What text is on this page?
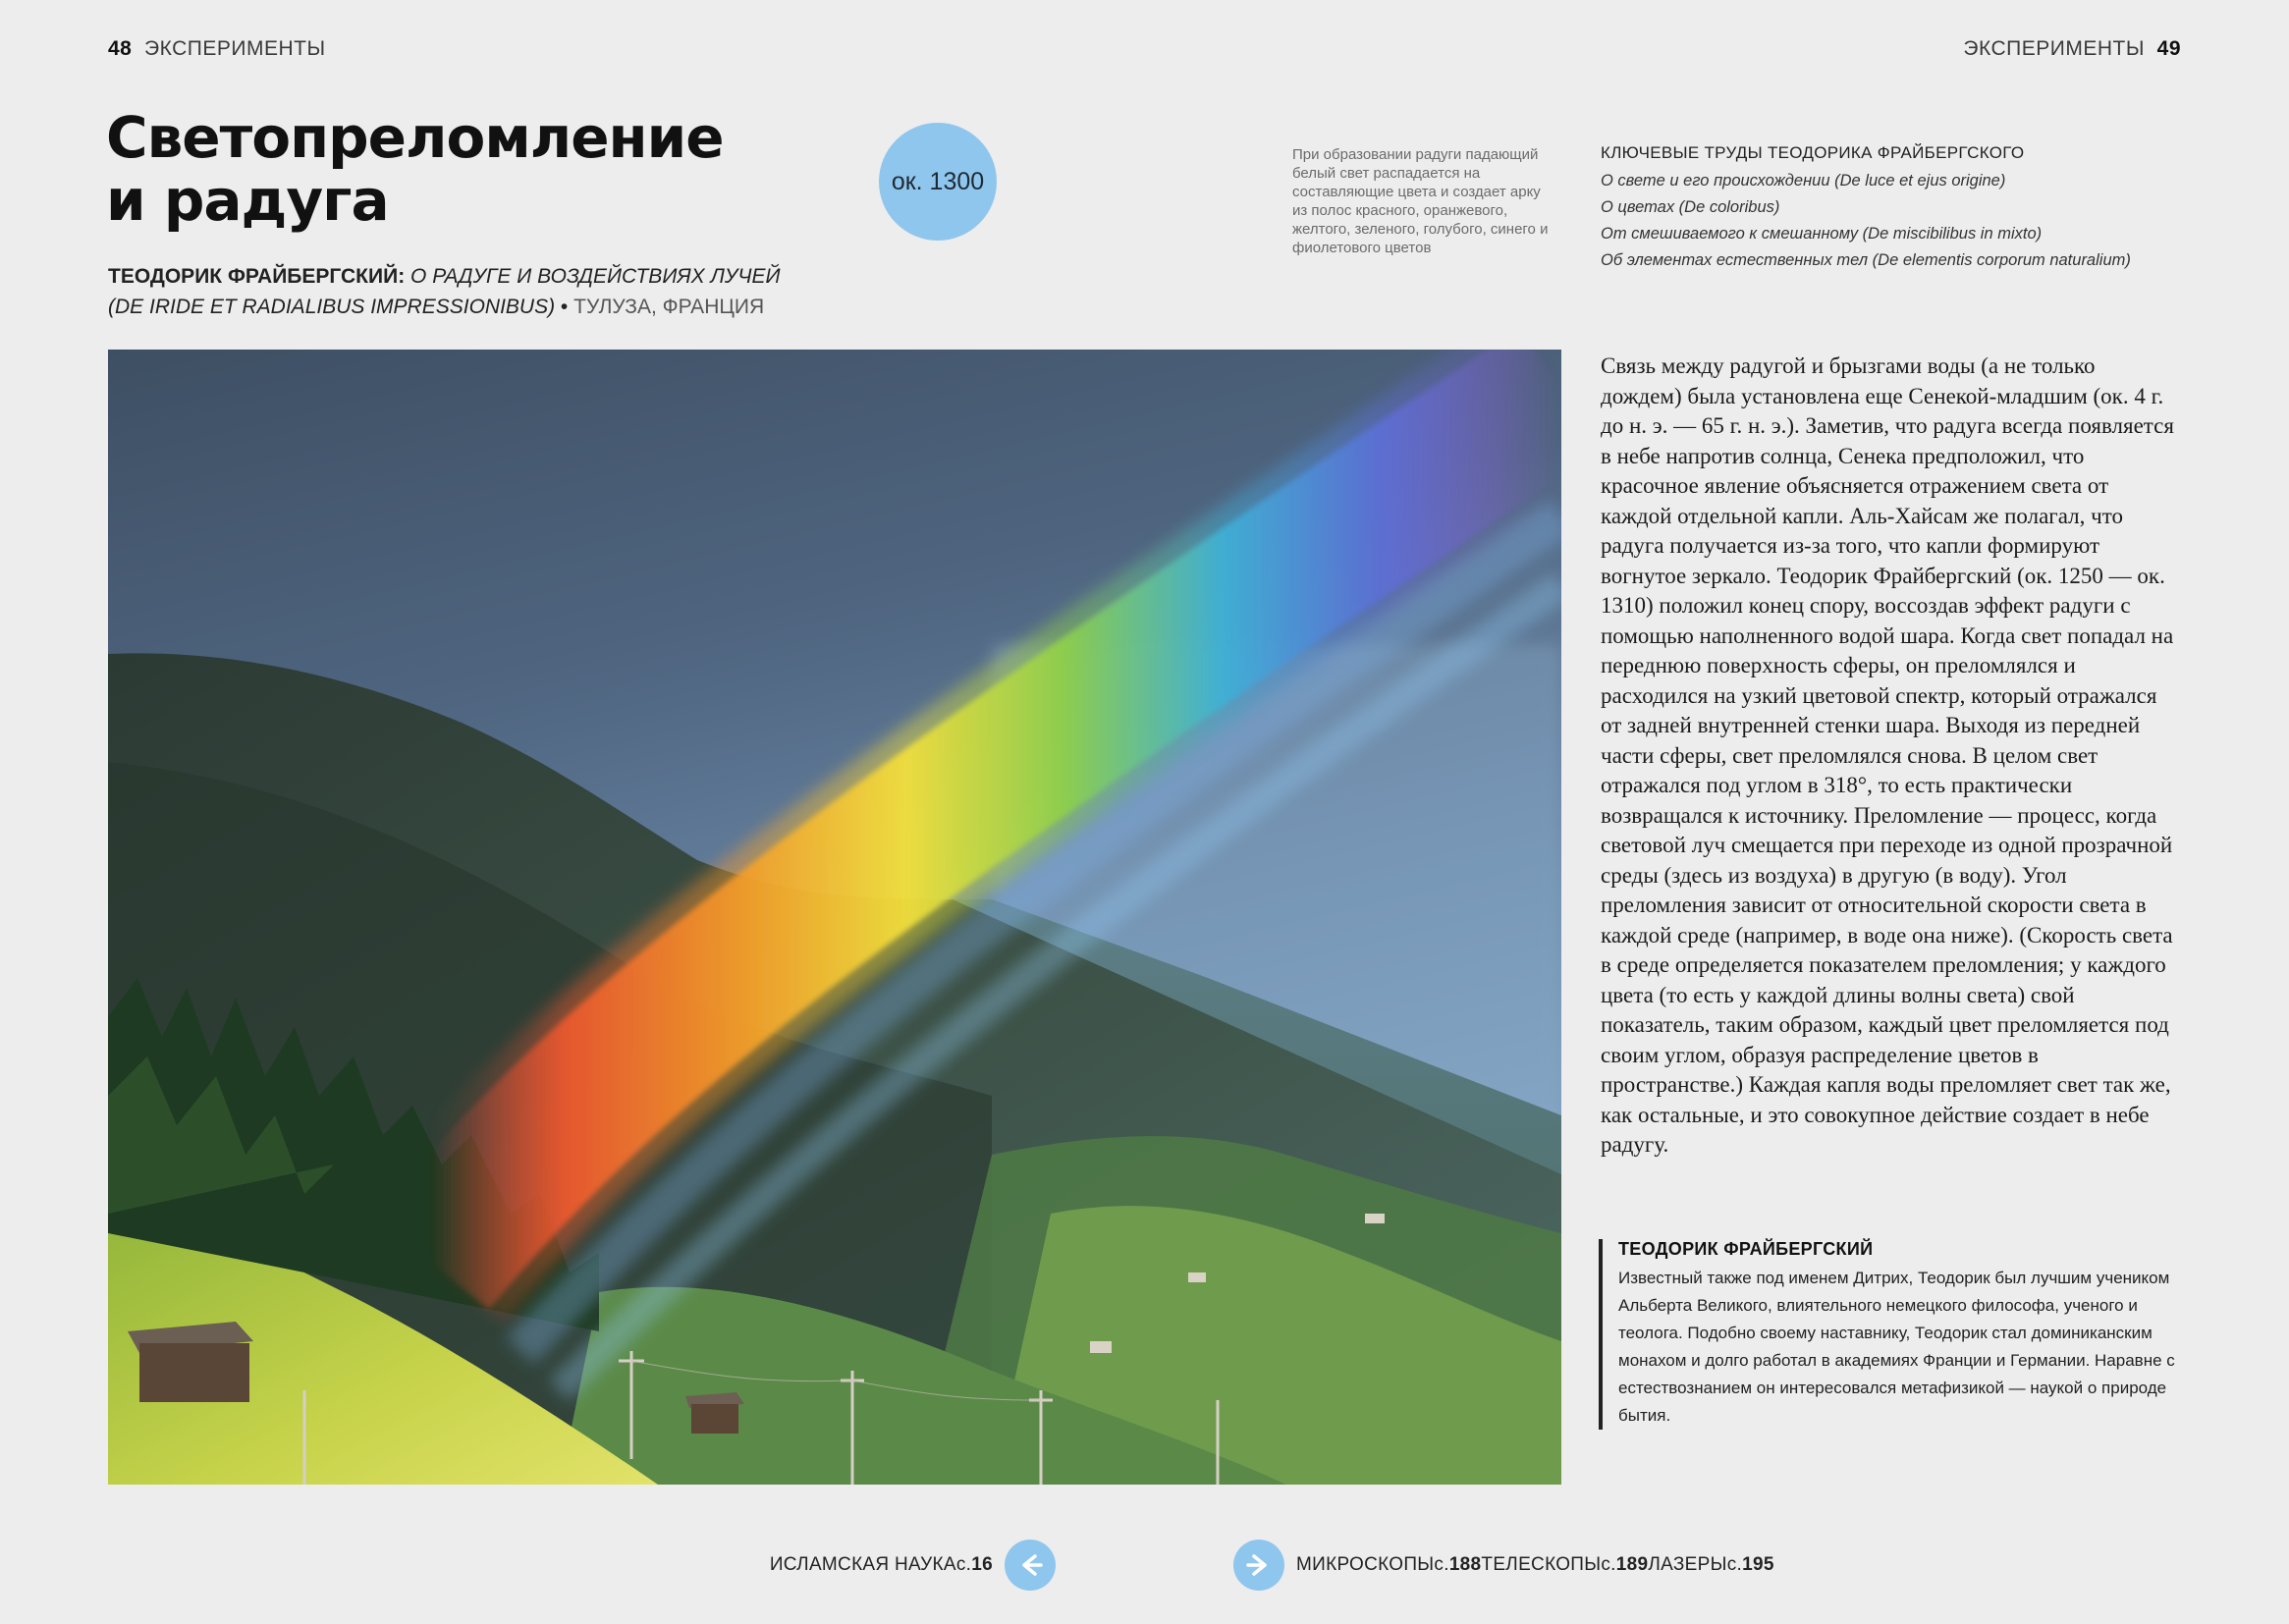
48 ЭКСПЕРИМЕНТЫ	ЭКСПЕРИМЕНТЫ 49
Светопреломление
и радуга
ТЕОДОРИК ФРАЙБЕРГСКИЙ: О РАДУГЕ И ВОЗДЕЙСТВИЯХ ЛУЧЕЙ
(DE IRIDE ET RADIALIBUS IMPRESSIONIBUS) • ТУЛУЗА, ФРАНЦИЯ
ок. 1300
При образовании радуги падающий белый свет распадается на составляющие цвета и создает арку из полос красного, оранжевого, желтого, зеленого, голубого, синего и фиолетового цветов
КЛЮЧЕВЫЕ ТРУДЫ ТЕОДОРИКА ФРАЙБЕРГСКОГО
О свете и его происхождении (De luce et ejus origine)
О цветах (De coloribus)
От смешиваемого к смешанному (De miscibilibus in mixto)
Об элементах естественных тел (De elementis corporum naturalium)
Связь между радугой и брызгами воды (а не только дождем) была установлена еще Сенекой-младшим (ок. 4 г. до н. э. — 65 г. н. э.). Заметив, что радуга всегда появляется в небе напротив солнца, Сенека предположил, что красочное явление объясняется отражением света от каждой отдельной капли. Аль-Хайсам же полагал, что радуга получается из-за того, что капли формируют вогнутое зеркало. Теодорик Фрайбергский (ок. 1250 — ок. 1310) положил конец спору, воссоздав эффект радуги с помощью наполненного водой шара. Когда свет попадал на переднюю поверхность сферы, он преломлялся и расходился на узкий цветовой спектр, который отражался от задней внутренней стенки шара. Выходя из передней части сферы, свет преломлялся снова. В целом свет отражался под углом в 318°, то есть практически возвращался к источнику. Преломление — процесс, когда световой луч смещается при переходе из одной прозрачной среды (здесь из воздуха) в другую (в воду). Угол преломления зависит от относительной скорости света в каждой среде (например, в воде она ниже). (Скорость света в среде определяется показателем преломления; у каждого цвета (то есть у каждой длины волны света) свой показатель, таким образом, каждый цвет преломляется под своим углом, образуя распределение цветов в пространстве.) Каждая капля воды преломляет свет так же, как остальные, и это совокупное действие создает в небе радугу.
ТЕОДОРИК ФРАЙБЕРГСКИЙ
Известный также под именем Дитрих, Теодорик был лучшим учеником Альберта Великого, влиятельного немецкого философа, ученого и теолога. Подобно своему наставнику, Теодорик стал доминиканским монахом и долго работал в академиях Франции и Германии. Наравне с естествознанием он интересовался метафизикой — наукой о природе бытия.
ИСЛАМСКАЯ НАУКА с. 16	МИКРОСКОПЫ с. 188 ТЕЛЕСКОПЫ с. 189 ЛАЗЕРЫ с. 195
